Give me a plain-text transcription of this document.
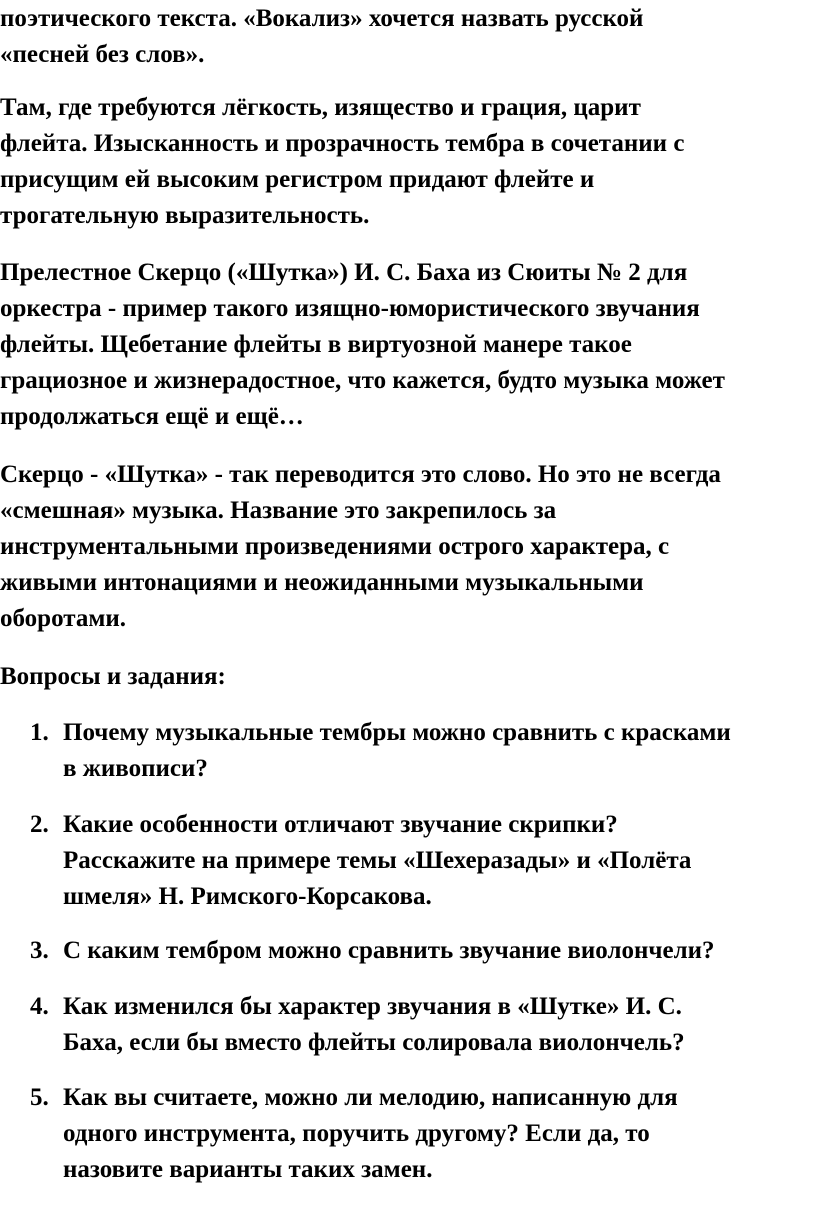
поэтического текста. «Вокализ» хочется назвать русской
«песней без слов».

Там, где требуются лёгкость, изящество и грация, царит
флейта. Изысканность и прозрачность тембра в сочетании с
присущим ей высоким регистром придают флейте и
трогательную выразительность.

Прелестное Скерцо («Шутка») И. С. Баха из Сюиты № 2 для
оркестра - пример такого изящно-юмористического звучания
флейты. Щебетание флейты в виртуозной манере такое
грациозное и жизнерадостное, что кажется, будто музыка может
продолжаться ещё и ещё…

Скерцо - «Шутка» - так переводится это слово. Но это не всегда
«смешная» музыка. Название это закрепилось за
инструментальными произведениями острого характера, с
живыми интонациями и неожиданными музыкальными
оборотами.

Вопросы и задания:

1. Почему музыкальные тембры можно сравнить с красками
в живописи?
2. Какие особенности отличают звучание скрипки?
Расскажите на примере темы «Шехеразады» и «Полёта
шмеля» Н. Римского-Корсакова.
3. С каким тембром можно сравнить звучание виолончели?
4. Как изменился бы характер звучания в «Шутке» И. С.
Баха, если бы вместо флейты солировала виолончель?
5. Как вы считаете, можно ли мелодию, написанную для
одного инструмента, поручить другому? Если да, то
назовите варианты таких замен.
